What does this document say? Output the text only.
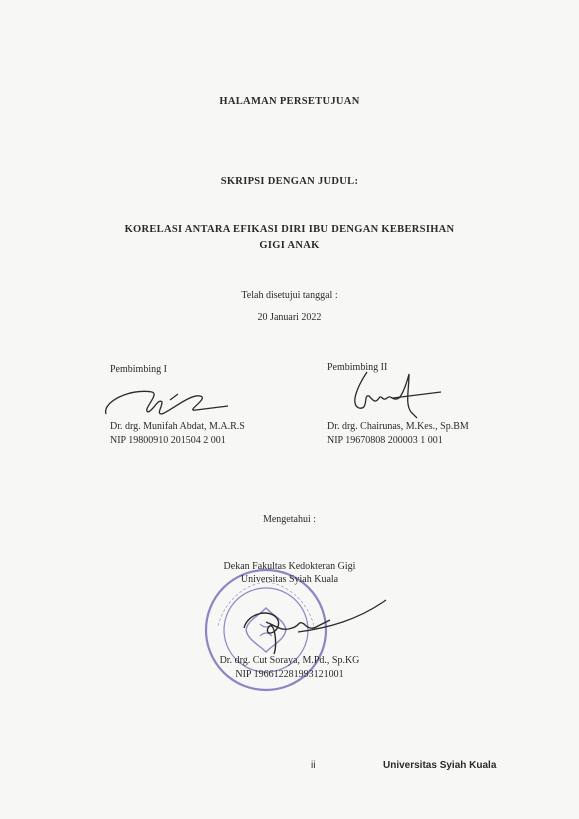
HALAMAN PERSETUJUAN
SKRIPSI DENGAN JUDUL:
KORELASI ANTARA EFIKASI DIRI IBU DENGAN KEBERSIHAN
GIGI ANAK
Telah disetujui tanggal :
20 Januari 2022
Pembimbing I
Dr. drg. Munifah Abdat, M.A.R.S
NIP 19800910 201504 2 001
Pembimbing II
Dr. drg. Chairunas, M.Kes., Sp.BM
NIP 19670808 200003 1 001
Mengetahui :
Dekan Fakultas Kedokteran Gigi
Universitas Syiah Kuala
Dr. drg. Cut Soraya, M.Pd., Sp.KG
NIP 196612281993121001
ii	Universitas Syiah Kuala
